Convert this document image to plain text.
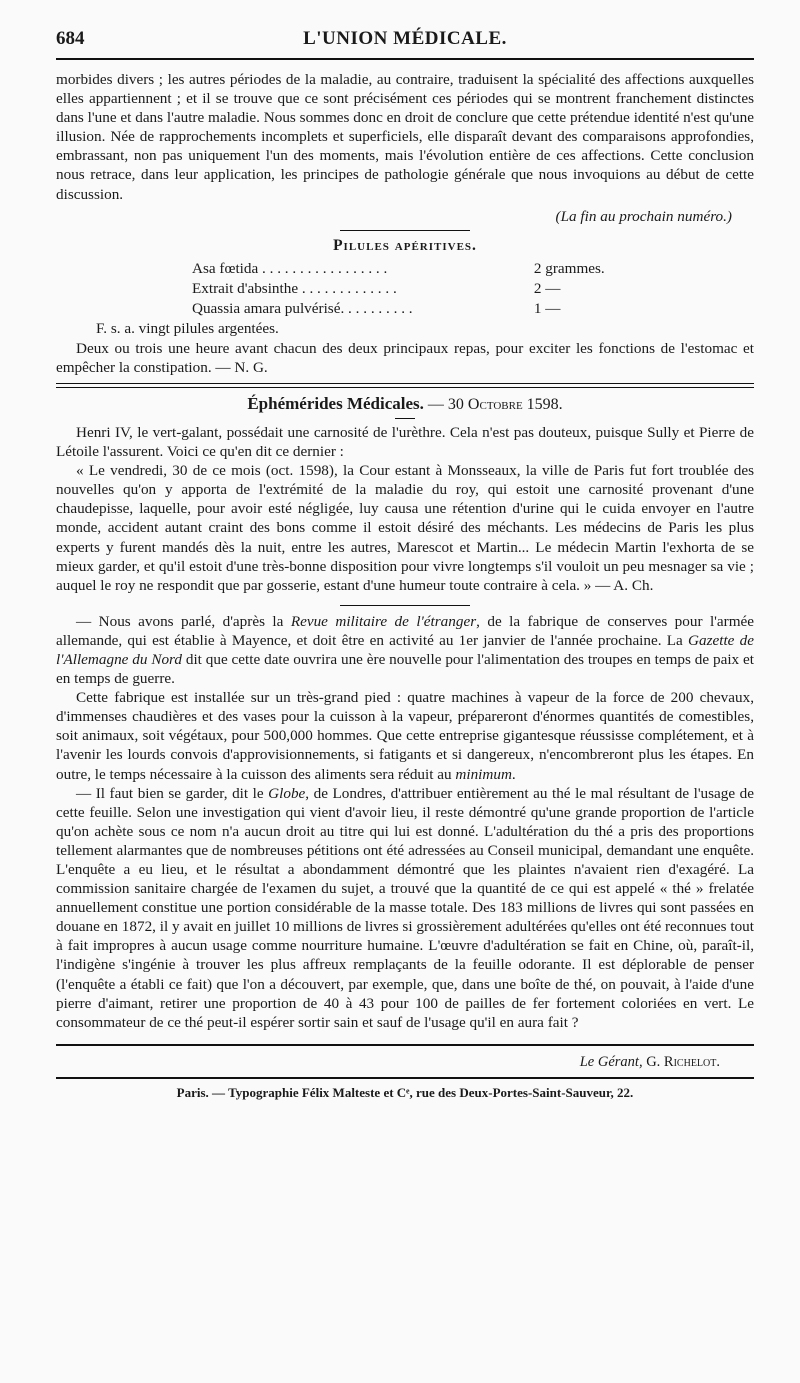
684	L'UNION MÉDICALE.

morbides divers ; les autres périodes de la maladie, au contraire, traduisent la spécialité des affections auxquelles elles appartiennent ; et il se trouve que ce sont précisément ces périodes qui se montrent franchement distinctes dans l'une et dans l'autre maladie. Nous sommes donc en droit de conclure que cette prétendue identité n'est qu'une illusion. Née de rapprochements incomplets et superficiels, elle disparaît devant des comparaisons approfondies, embrassant, non pas uniquement l'un des moments, mais l'évolution entière de ces affections. Cette conclusion nous retrace, dans leur application, les principes de pathologie générale que nous invoquions au début de cette discussion.

(La fin au prochain numéro.)
Pilules apéritives.
Asa fœtida . . . . . . . . . . . . . . . . .	2 grammes.
Extrait d'absinthe . . . . . . . . . . . . .	2 —
Quassia amara pulvérisé. . . . . . . . . .	1 —
F. s. a. vingt pilules argentées.

Deux ou trois une heure avant chacun des deux principaux repas, pour exciter les fonctions de l'estomac et empêcher la constipation. — N. G.

Éphémérides Médicales. — 30 Octobre 1598.

Henri IV, le vert-galant, possédait une carnosité de l'urèthre. Cela n'est pas douteux, puisque Sully et Pierre de Létoile l'assurent. Voici ce qu'en dit ce dernier :

« Le vendredi, 30 de ce mois (oct. 1598), la Cour estant à Monsseaux, la ville de Paris fut fort troublée des nouvelles qu'on y apporta de l'extrémité de la maladie du roy, qui estoit une carnosité provenant d'une chaudepisse, laquelle, pour avoir esté négligée, luy causa une rétention d'urine qui le cuida envoyer en l'autre monde, accident autant craint des bons comme il estoit désiré des méchants. Les médecins de Paris les plus experts y furent mandés dès la nuit, entre les autres, Marescot et Martin... Le médecin Martin l'exhorta de se mieux garder, et qu'il estoit d'une très-bonne disposition pour vivre longtemps s'il vouloit un peu mesnager sa vie ; auquel le roy ne respondit que par gosserie, estant d'une humeur toute contraire à cela. » — A. Ch.

— Nous avons parlé, d'après la Revue militaire de l'étranger, de la fabrique de conserves pour l'armée allemande, qui est établie à Mayence, et doit être en activité au 1er janvier de l'année prochaine. La Gazette de l'Allemagne du Nord dit que cette date ouvrira une ère nouvelle pour l'alimentation des troupes en temps de paix et en temps de guerre.

Cette fabrique est installée sur un très-grand pied : quatre machines à vapeur de la force de 200 chevaux, d'immenses chaudières et des vases pour la cuisson à la vapeur, prépareront d'énormes quantités de comestibles, soit animaux, soit végétaux, pour 500,000 hommes. Que cette entreprise gigantesque réussisse complétement, et à l'avenir les lourds convois d'approvisionnements, si fatigants et si dangereux, n'encombreront plus les étapes. En outre, le temps nécessaire à la cuisson des aliments sera réduit au minimum.

— Il faut bien se garder, dit le Globe, de Londres, d'attribuer entièrement au thé le mal résultant de l'usage de cette feuille. Selon une investigation qui vient d'avoir lieu, il reste démontré qu'une grande proportion de l'article qu'on achète sous ce nom n'a aucun droit au titre qui lui est donné. L'adultération du thé a pris des proportions tellement alarmantes que de nombreuses pétitions ont été adressées au Conseil municipal, demandant une enquête. L'enquête a eu lieu, et le résultat a abondamment démontré que les plaintes n'avaient rien d'exagéré. La commission sanitaire chargée de l'examen du sujet, a trouvé que la quantité de ce qui est appelé « thé » frelatée annuellement constitue une portion considérable de la masse totale. Des 183 millions de livres qui sont passées en douane en 1872, il y avait en juillet 10 millions de livres si grossièrement adultérées qu'elles ont été reconnues tout à fait impropres à aucun usage comme nourriture humaine. L'œuvre d'adultération se fait en Chine, où, paraît-il, l'indigène s'ingénie à trouver les plus affreux remplaçants de la feuille odorante. Il est déplorable de penser (l'enquête a établi ce fait) que l'on a découvert, par exemple, que, dans une boîte de thé, on pouvait, à l'aide d'une pierre d'aimant, retirer une proportion de 40 à 43 pour 100 de pailles de fer fortement coloriées en vert. Le consommateur de ce thé peut-il espérer sortir sain et sauf de l'usage qu'il en aura fait ?

Le Gérant, G. Richelot.
Paris. — Typographie Félix Malteste et Cᵉ, rue des Deux-Portes-Saint-Sauveur, 22.
